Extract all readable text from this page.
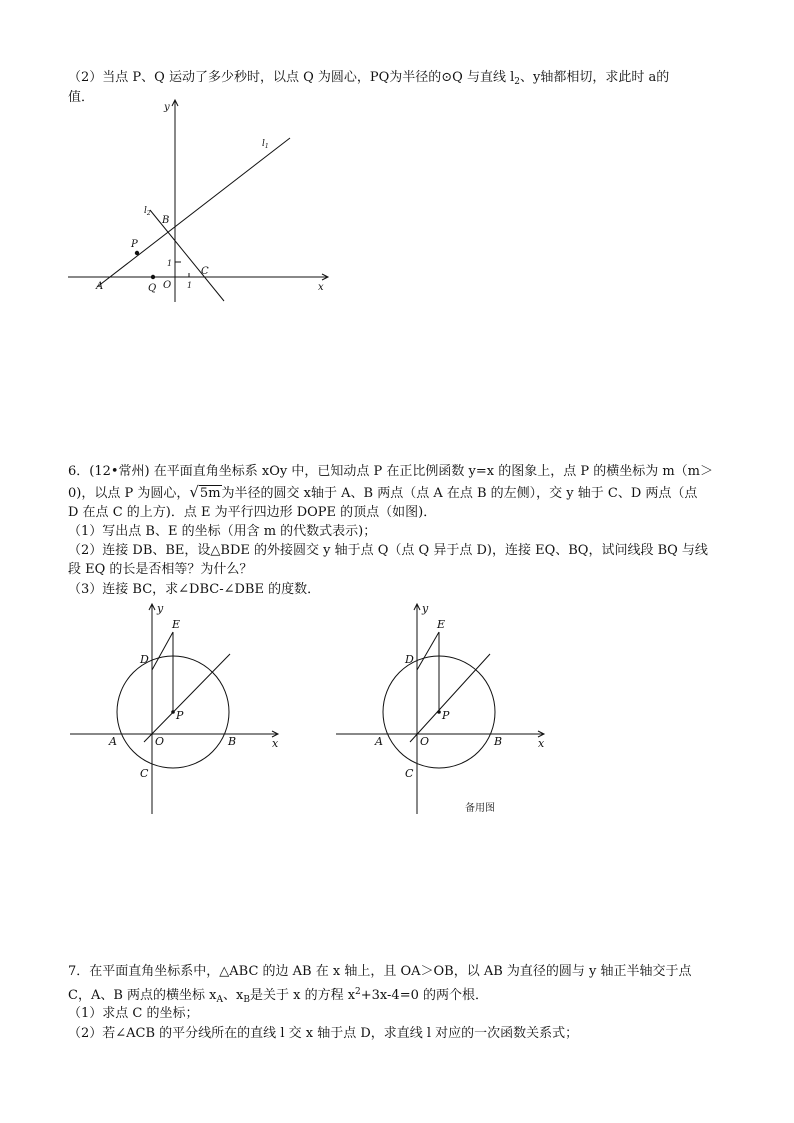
（2）当点 P、Q 运动了多少秒时，以点 Q 为圆心，PQ为半径的⊙Q 与直线 $l_2$、y轴都相切，求此时 a的
值．
y
x
$l_1$
$l_2$
B
P
C
A	Q O
1
1
6．(12•常州) 在平面直角坐标系 xOy 中，已知动点 P 在正比例函数 y=x 的图象上，点 P 的横坐标为 m（m＞
0)，以点 P 为圆心，√5m为半径的圆交 x轴于 A、B 两点（点 A 在点 B 的左侧），交 y 轴于 C、D 两点（点
D 在点 C 的上方)．点 E 为平行四边形 DOPE 的顶点（如图)．
（1）写出点 B、E 的坐标（用含 m 的代数式表示)；
（2）连接 DB、BE，设△BDE 的外接圆交 y 轴于点 Q（点 Q 异于点 D)，连接 EQ、BQ，试问线段 BQ 与线
段 EQ 的长是否相等？为什么？
（3）连接 BC，求∠DBC-∠DBE 的度数．
y
x
E
D
P
A	O	B
C
y
x
E
D
P
A	O	B
C
备用图
7．在平面直角坐标系中，△ABC 的边 AB 在 x 轴上，且 OA＞OB，以 AB 为直径的圆与 y 轴正半轴交于点
C，A、B 两点的横坐标 $x_A$、$x_B$是关于 x 的方程 $x^2+3x-4=0$ 的两个根．
（1）求点 C 的坐标；
（2）若∠ACB 的平分线所在的直线 l 交 x 轴于点 D，求直线 l 对应的一次函数关系式；
